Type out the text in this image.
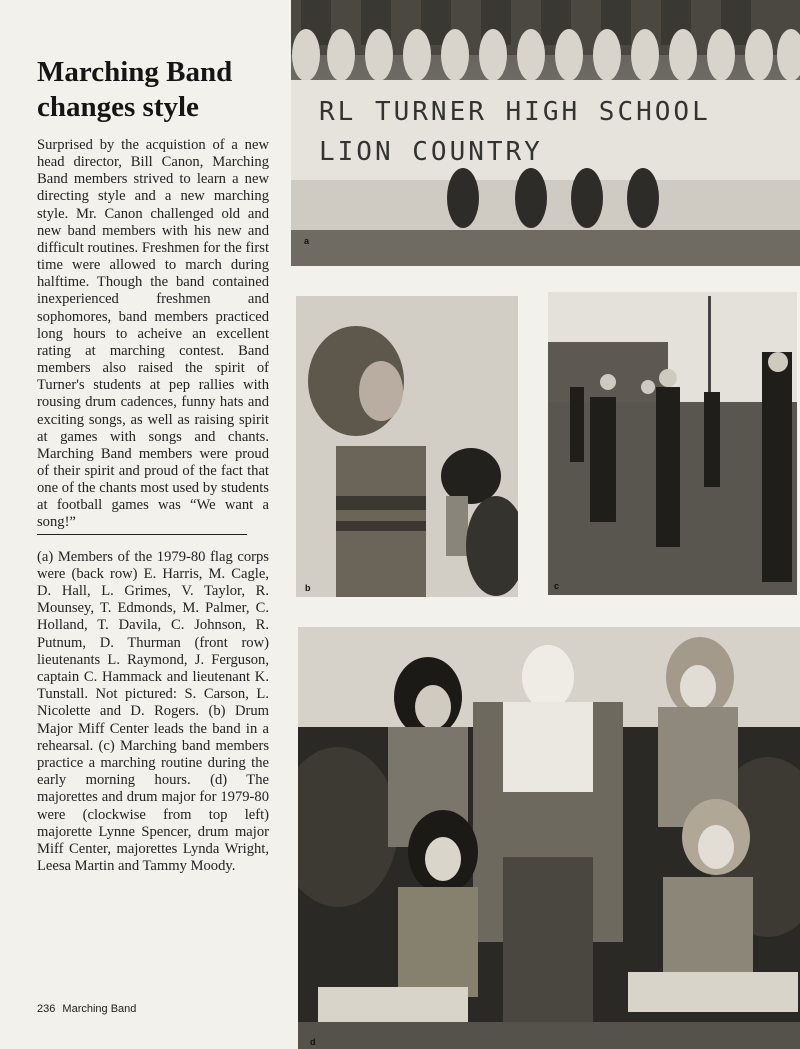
Marching Band
changes style

Surprised by the acquistion of a new head director, Bill Canon, Marching Band members strived to learn a new directing style and a new marching style. Mr. Canon challenged old and new band members with his new and difficult routines. Freshmen for the first time were allowed to march during halftime. Though the band contained inexperienced freshmen and sophomores, band members practiced long hours to acheive an excellent rating at marching contest. Band members also raised the spirit of Turner's students at pep rallies with rousing drum cadences, funny hats and exciting songs, as well as raising spirit at games with songs and chants. Marching Band members were proud of their spirit and proud of the fact that one of the chants most used by students at football games was “We want a song!”

(a) Members of the 1979-80 flag corps were (back row) E. Harris, M. Cagle, D. Hall, L. Grimes, V. Taylor, R. Mounsey, T. Edmonds, M. Palmer, C. Holland, T. Davila, C. Johnson, R. Putnum, D. Thurman (front row) lieutenants L. Raymond, J. Ferguson, captain C. Hammack and lieutenant K. Tunstall. Not pictured: S. Carson, L. Nicolette and D. Rogers. (b) Drum Major Miff Center leads the band in a rehearsal. (c) Marching band members practice a marching routine during the early morning hours. (d) The majorettes and drum major for 1979-80 were (clockwise from top left) majorette Lynne Spencer, drum major Miff Center, majorettes Lynda Wright, Leesa Martin and Tammy Moody.

236 Marching Band
RL TURNER HIGH SCHOOL
LION COUNTRY
a
b	c
d
